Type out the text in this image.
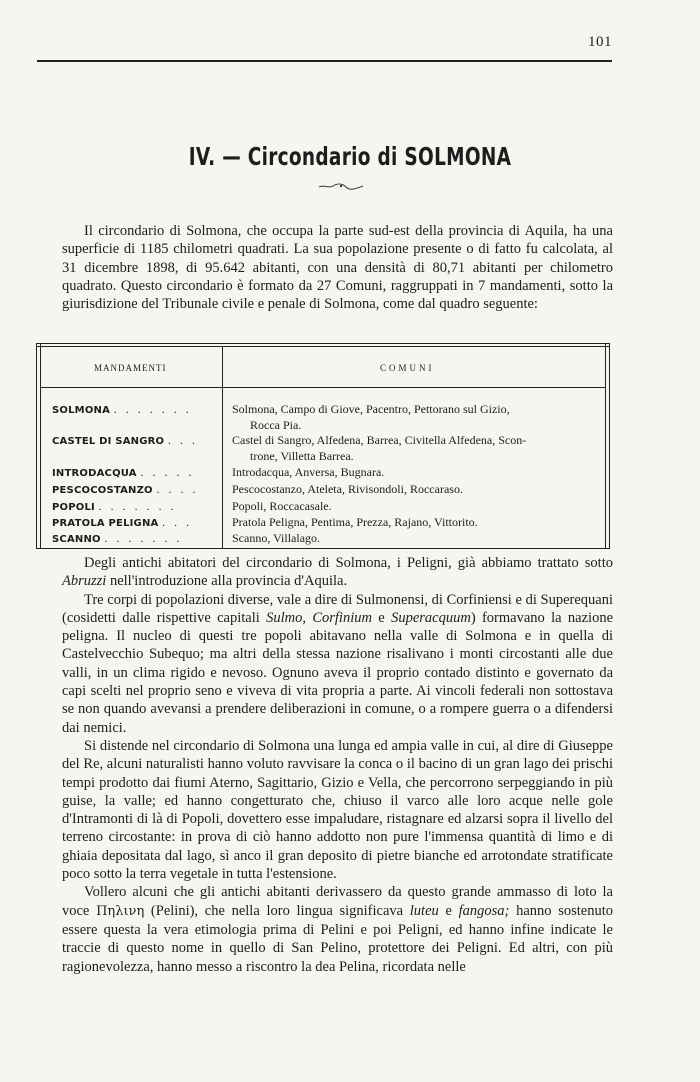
101
IV. — Circondario di SOLMONA

Il circondario di Solmona, che occupa la parte sud-est della provincia di Aquila, ha una superficie di 1185 chilometri quadrati. La sua popolazione presente o di fatto fu calcolata, al 31 dicembre 1898, di 95.642 abitanti, con una densità di 80,71 abitanti per chilometro quadrato. Questo circondario è formato da 27 Comuni, raggruppati in 7 mandamenti, sotto la giurisdizione del Tribunale civile e penale di Solmona, come dal quadro seguente:

MANDAMENTI	COMUNI
SOLMONA . . . . . . .	Solmona, Campo di Giove, Pacentro, Pettorano sul Gizio,
Rocca Pia.
CASTEL DI SANGRO . . .	Castel di Sangro, Alfedena, Barrea, Civitella Alfedena, Scon-
trone, Villetta Barrea.
INTRODACQUA . . . . .	Introdacqua, Anversa, Bugnara.
PESCOCOSTANZO . . . .	Pescocostanzo, Ateleta, Rivisondoli, Roccaraso.
POPOLI . . . . . . .	Popoli, Roccacasale.
PRATOLA PELIGNA . . .	Pratola Peligna, Pentima, Prezza, Rajano, Vittorito.
SCANNO . . . . . . .	Scanno, Villalago.

Degli antichi abitatori del circondario di Solmona, i Peligni, già abbiamo trattato sotto Abruzzi nell'introduzione alla provincia d'Aquila.

Tre corpi di popolazioni diverse, vale a dire di Sulmonensi, di Corfiniensi e di Superequani (cosidetti dalle rispettive capitali Sulmo, Corfinium e Superacquum) formavano la nazione peligna. Il nucleo di questi tre popoli abitavano nella valle di Solmona e in quella di Castelvecchio Subequo; ma altri della stessa nazione risalivano i monti circostanti alle due valli, in un clima rigido e nevoso. Ognuno aveva il proprio contado distinto e governato da capi scelti nel proprio seno e viveva di vita propria a parte. Ai vincoli federali non sottostava se non quando avevansi a prendere deliberazioni in comune, o a rompere guerra o a difendersi dai nemici.

Si distende nel circondario di Solmona una lunga ed ampia valle in cui, al dire di Giuseppe del Re, alcuni naturalisti hanno voluto ravvisare la conca o il bacino di un gran lago dei prischi tempi prodotto dai fiumi Aterno, Sagittario, Gizio e Vella, che percorrono serpeggiando in più guise, la valle; ed hanno congetturato che, chiuso il varco alle loro acque nelle gole d'Intramonti di là di Popoli, dovettero esse impaludare, ristagnare ed alzarsi sopra il livello del terreno circostante: in prova di ciò hanno addotto non pure l'immensa quantità di limo e di ghiaia depositata dal lago, sì anco il gran deposito di pietre bianche ed arrotondate stratificate poco sotto la terra vegetale in tutta l'estensione.

Vollero alcuni che gli antichi abitanti derivassero da questo grande ammasso di loto la voce Πηλινη (Pelini), che nella loro lingua significava luteu e fangosa; hanno sostenuto essere questa la vera etimologia prima di Pelini e poi Peligni, ed hanno infine indicate le traccie di questo nome in quello di San Pelino, protettore dei Peligni. Ed altri, con più ragionevolezza, hanno messo a riscontro la dea Pelina, ricordata nelle
